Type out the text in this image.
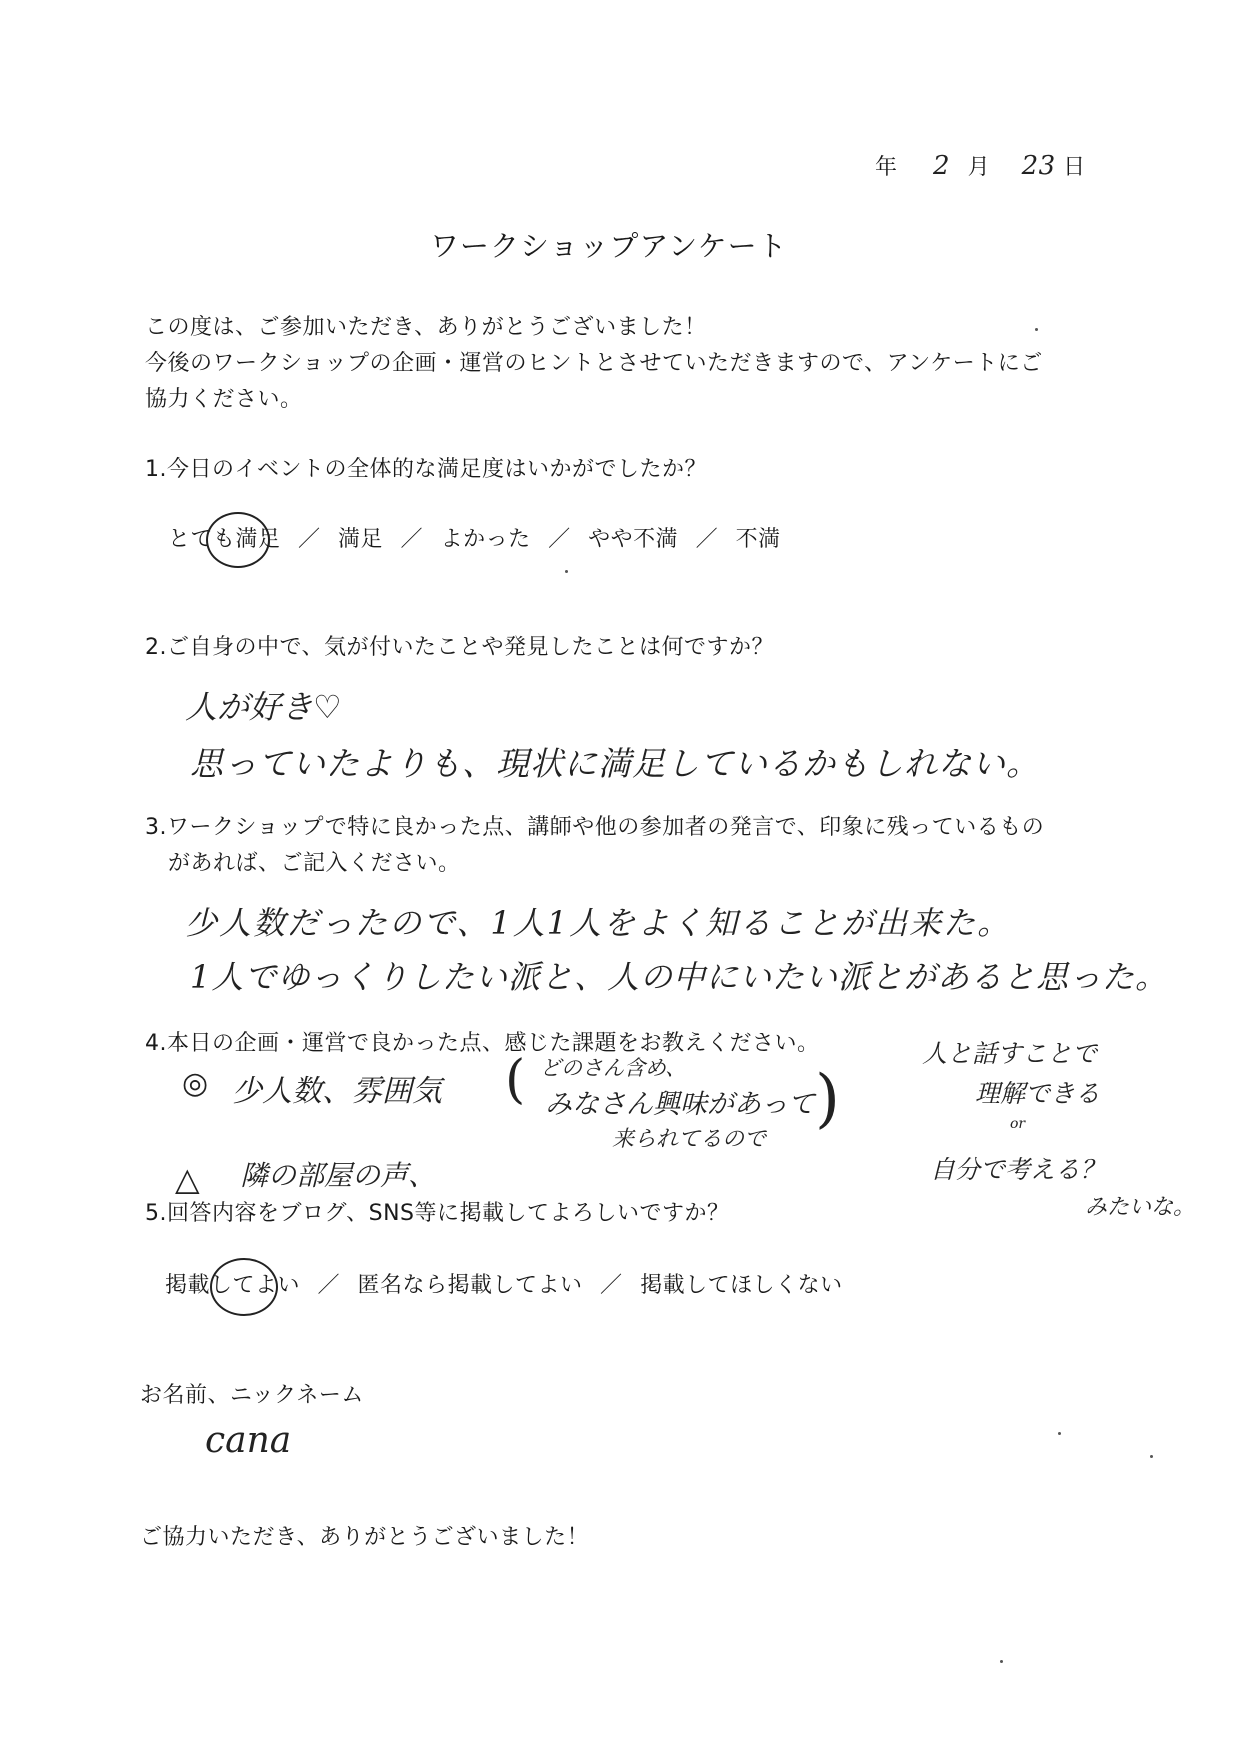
年 2 月 23 日
ワークショップアンケート
この度は、ご参加いただき、ありがとうございました！
今後のワークショップの企画・運営のヒントとさせていただきますので、アンケートにご
協力ください。
1.今日のイベントの全体的な満足度はいかがでしたか？
とても満足 ／ 満足 ／ よかった ／ やや不満 ／ 不満
2.ご自身の中で、気が付いたことや発見したことは何ですか？
人が好き♡
思っていたよりも、現状に満足しているかもしれない。
3.ワークショップで特に良かった点、講師や他の参加者の発言で、印象に残っているもの
があれば、ご記入ください。
少人数だったので、1人1人をよく知ることが出来た。
1人でゆっくりしたい派と、人の中にいたい派とがあると思った。
4.本日の企画・運営で良かった点、感じた課題をお教えください。
◎ 少人数、雰囲気 ( どのさん含め、
みなさん興味があって
来られてるので
)
△ 隣の部屋の声、
人と話すことで
理解できる
or
自分で考える？
みたいな。
5.回答内容をブログ、SNS等に掲載してよろしいですか？
掲載してよい ／ 匿名なら掲載してよい ／ 掲載してほしくない
お名前、ニックネーム
cana
ご協力いただき、ありがとうございました！
